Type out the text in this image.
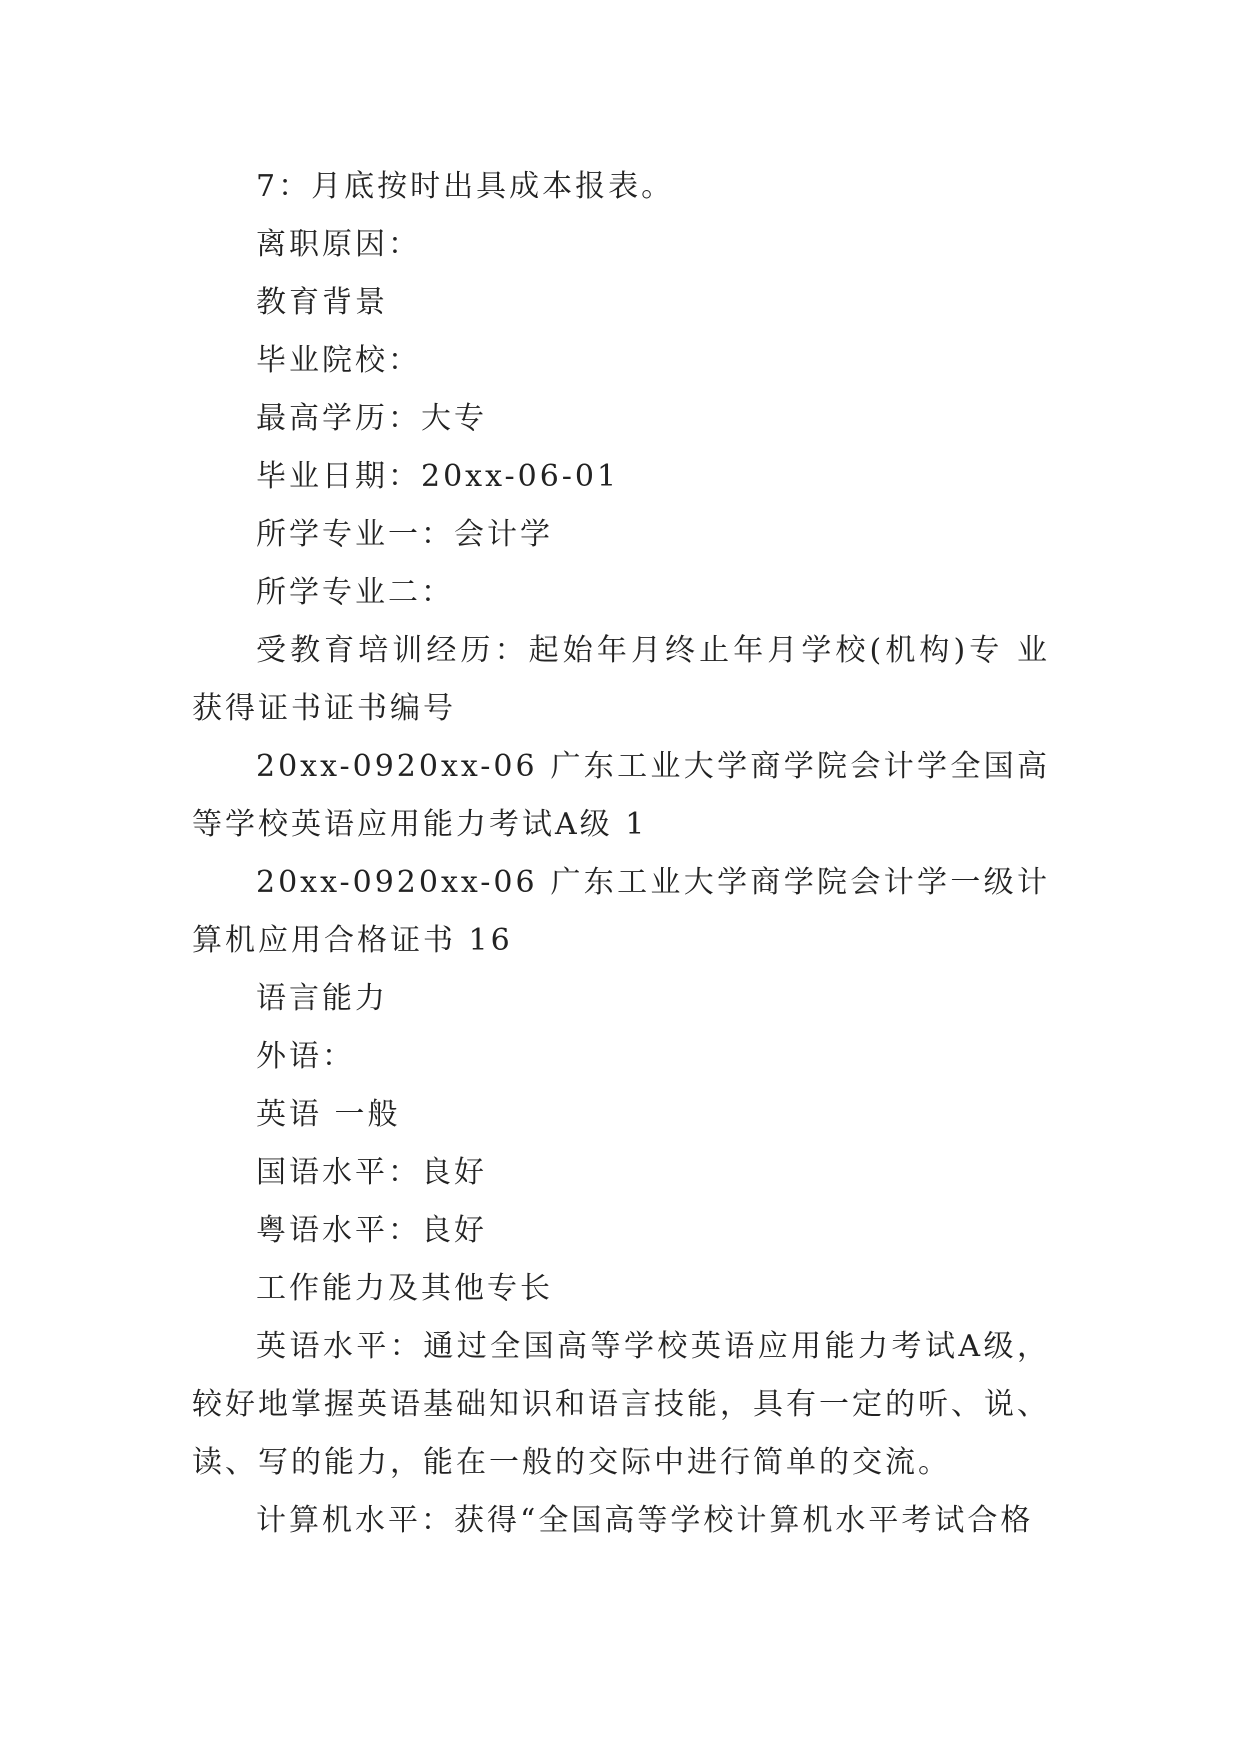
7：月底按时出具成本报表。

离职原因：

教育背景

毕业院校：

最高学历：大专

毕业日期：20xx-06-01

所学专业一：会计学

所学专业二：

受教育培训经历：起始年月终止年月学校(机构)专 业获得证书证书编号

20xx-0920xx-06 广东工业大学商学院会计学全国高等学校英语应用能力考试A级 1

20xx-0920xx-06 广东工业大学商学院会计学一级计算机应用合格证书 16

语言能力

外语：

英语 一般

国语水平：良好

粤语水平：良好

工作能力及其他专长

英语水平：通过全国高等学校英语应用能力考试A级，较好地掌握英语基础知识和语言技能，具有一定的听、说、读、写的能力，能在一般的交际中进行简单的交流。

计算机水平：获得“全国高等学校计算机水平考试合格
